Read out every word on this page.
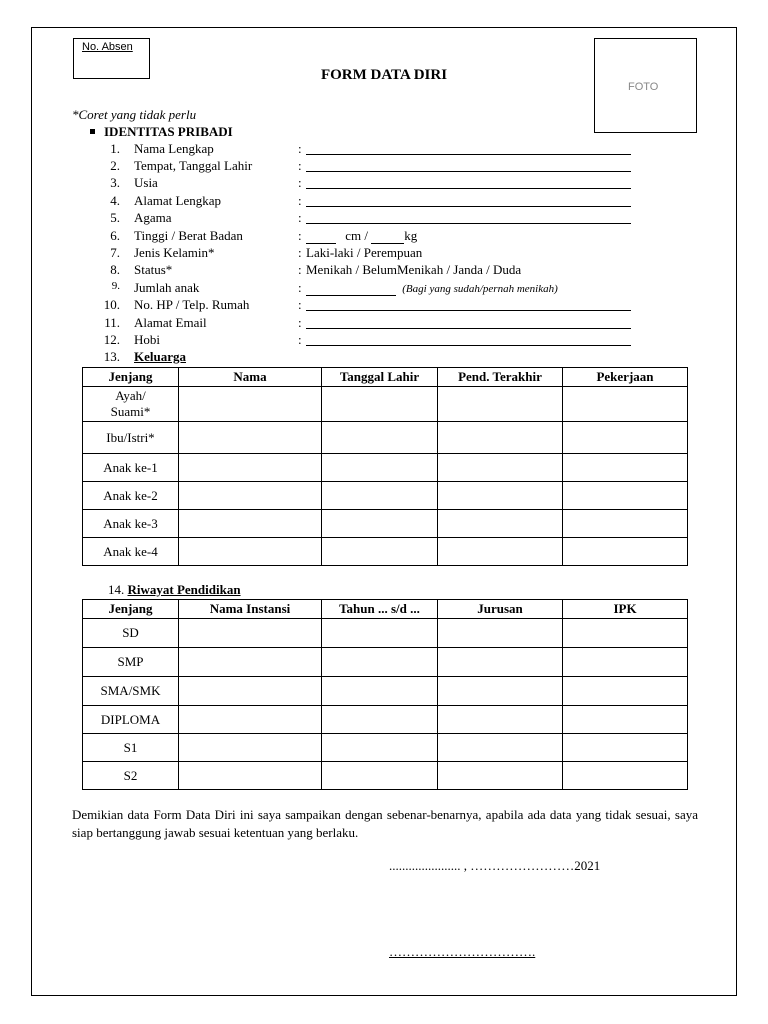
No. Absen
FOTO
FORM DATA DIRI
*Coret yang tidak perlu
IDENTITAS PRIBADI
1. Nama Lengkap	:
2. Tempat, Tanggal Lahir	:
3. Usia	:
4. Alamat Lengkap	:
5. Agama	:
6. Tinggi / Berat Badan	:	cm /	kg
7. Jenis Kelamin*	: Laki-laki / Perempuan
8. Status*	: Menikah / BelumMenikah / Janda / Duda
9. Jumlah anak	:	(Bagi yang sudah/pernah menikah)
10. No. HP / Telp. Rumah	:
11. Alamat Email	:
12. Hobi	:
13. Keluarga
Jenjang	Nama	Tanggal Lahir	Pend. Terakhir	Pekerjaan
Ayah/ Suami*				
Ibu/Istri*				
Anak ke-1				
Anak ke-2				
Anak ke-3				
Anak ke-4				
14. Riwayat Pendidikan
Jenjang	Nama Instansi	Tahun ... s/d ...	Jurusan	IPK
SD				
SMP				
SMA/SMK				
DIPLOMA				
S1				
S2				
Demikian data Form Data Diri ini saya sampaikan dengan sebenar-benarnya, apabila ada data yang tidak sesuai, saya siap bertanggung jawab sesuai ketentuan yang berlaku.
...................... , ……………………2021
…………………………….
